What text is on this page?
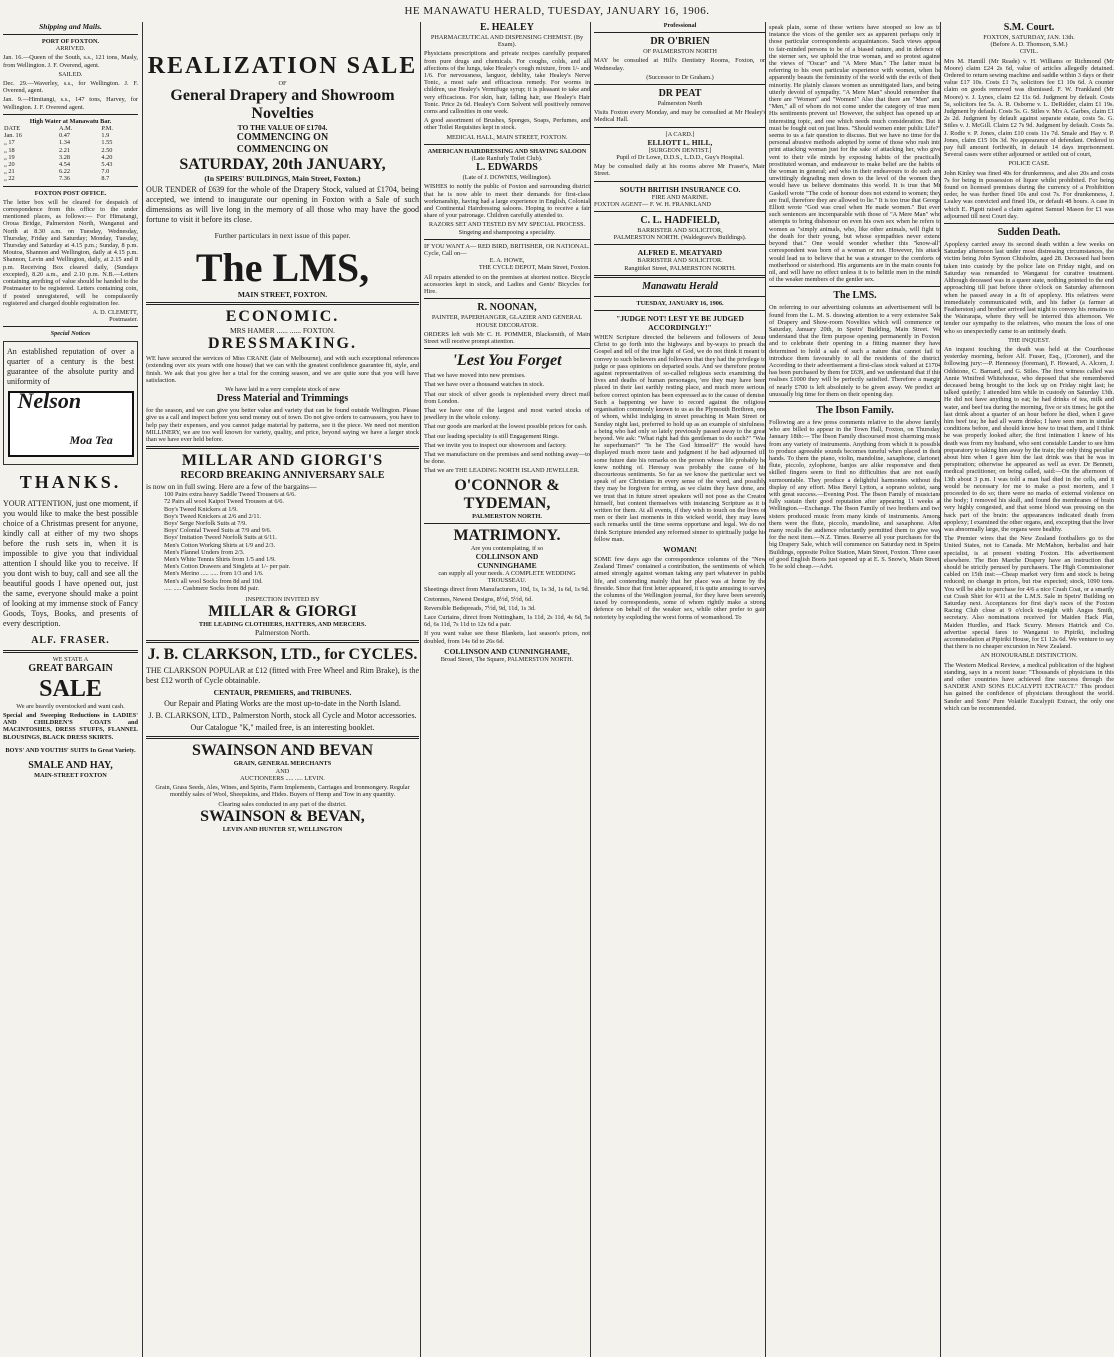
HE MANAWATU HERALD, TUESDAY, JANUARY 16, 1906.
Shipping and Mails.
PORT OF FOXTON.
ARRIVED.

Jan. 16.—Queen of the South, s.s., 121 tons, Masly, from Wellington. J. F. Overend, agent.

SAILED.

Dec. 29.—Waverley, s.s., for Wellington. J. F. Overend, agent.

Jan. 9.—Himitangi, s.s., 147 tons, Harvey, for Wellington. J. F. Overend agent.

High Water at Manawatu Bar.
DATE	A.M.	P.M.
Jan. 16	0.47	1.9
„ 17	1.34	1.55
„ 18	2.21	2.50
„ 19	3.28	4.20
„ 20	4.54	5.43
„ 21	6.22	7.0
„ 22	7.36	8.7
FOXTON POST OFFICE.

The letter box will be cleared for despatch of correspondence from this office to the under mentioned places, as follows:— For Himatangi, Oroua Bridge, Palmerston North, Wanganui and North at 8.30 a.m. on Tuesday, Wednesday, Thursday, Friday and Saturday; Monday, Tuesday, Thursday and Saturday at 4.15 p.m.; Sunday, 8 p.m. Moutoa, Shannon and Wellington, daily at 4.15 p.m. Shannon, Levin and Wellington, daily, at 2.15 and 8 p.m. Receiving Box cleared daily, (Sundays excepted), 8.20 a.m., and 2.10 p.m. N.B.—Letters containing anything of value should be handed to the Postmaster to be registered. Letters containing coin, if posted unregistered, will be compulsorily registered and charged double registration fee.

A. D. CLEMETT,
Postmaster.
Special Notices

An established reputation of over a quarter of a century is the best guarantee of the absolute purity and uniformity of

Nelson
Moa Tea
THANKS.

YOUR ATTENTION, just one moment, if you would like to make the best possible choice of a Christmas present for anyone, kindly call at either of my two shops before the rush sets in, when it is impossible to give you that individual attention I should like you to receive. If you dont wish to buy, call and see all the beautiful goods I have opened out, just the same, everyone should make a point of looking at my immense stock of Fancy Goods, Toys, Books, and presents of every description.

ALF. FRASER.
WE STATE A
GREAT BARGAIN
SALE
We are heavily overstocked and want cash.

Special and Sweeping Reductions in LADIES' AND CHILDREN'S COATS and MACINTOSHES, DRESS STUFFS, FLANNEL BLOUSINGS, BLACK DRESS SKIRTS.

BOYS' AND YOUTHS' SUITS In Great Variety.
SMALE AND HAY,
MAIN-STREET FOXTON
REALIZATION SALE
OF
General Drapery and Showroom Novelties
TO THE VALUE OF £1704.
COMMENCING ON
COMMENCING ON
SATURDAY, 20th JANUARY,
(In SPEIRS' BUILDINGS, Main Street, Foxton.)

OUR TENDER of £639 for the whole of the Drapery Stock, valued at £1704, being accepted, we intend to inaugurate our opening in Foxton with a Sale of such dimensions as will live long in the memory of all those who may have the good fortune to visit it before its close.

Further particulars in next issue of this paper.
The LMS,
MAIN STREET, FOXTON.
ECONOMIC.
MRS HAMER ...... ...... FOXTON.
DRESSMAKING.

WE have secured the services of Miss CRANE (late of Melbourne), and with such exceptional references (extending over six years with one house) that we can with the greatest confidence guarantee fit, style, and finish. We ask that you give her a trial for the coming season, and we are quite sure that you will have satisfaction.

We have laid in a very complete stock of new
Dress Material and Trimmings

for the season, and we can give you better value and variety that can be found outside Wellington. Please give us a call and inspect before you send money out of town. Do not give orders to canvassers, you have to help pay their expenses, and you cannot judge material by patterns, see it the piece. We need not mention MILLINERY, we are too well known for variety, quality, and price, beyond saying we have a larger stock than we have ever held before.

MILLAR AND GIORGI'S
RECORD BREAKING ANNIVERSARY SALE
is now on in full swing. Here are a few of the bargains—
100 Pairs extra heavy Saddle Tweed Trousers at 6/6.
72 Pairs all wool Kaipoi Tweed Trousers at 6/6.
Boy's Tweed Knickers at 1/9.
Boy's Tweed Knickers at 2/6 and 2/11.
Boys' Serge Norfolk Suits at 7/9.
Boys' Colonial Tweed Suits at 7/9 and 9/6.
Boys' Imitation Tweed Norfolk Suits at 6/11.
Men's Cotton Working Shirts at 1/9 and 2/3.
Men's Flannel Unders from 2/3.
Men's White Tennis Shirts from 1/5 and 1/9.
Men's Cotton Drawers and Singlets at 1/- per pair.
Men's Merino ..... ..... from 1/3 and 1/6.
Men's all wool Socks from 8d and 10d.
..... ..... Cashmere Socks from 8d pair.
INSPECTION INVITED BY
MILLAR & GIORGI
THE LEADING CLOTHIERS, HATTERS, AND MERCERS.
Palmerston North.
J. B. CLARKSON, LTD., for CYCLES.

THE CLARKSON POPULAR at £12 (fitted with Free Wheel and Rim Brake), is the best £12 worth of Cycle obtainable.

CENTAUR, PREMIERS, and TRIBUNES.

Our Repair and Plating Works are the most up-to-date in the North Island.

J. B. CLARKSON, LTD., Palmerston North, stock all Cycle and Motor accessories.

Our Catalogue "K," mailed free, is an interesting booklet.

SWAINSON AND BEVAN
GRAIN, GENERAL MERCHANTS
AND
AUCTIONEERS ..... ..... LEVIN.

Grain, Grass Seeds, Ales, Wines, and Spirits, Farm Implements, Carriages and Ironmongery. Regular monthly sales of Wool, Sheepskins, and Hides. Buyers of Hemp and Tow in any quantity.

Clearing sales conducted in any part of the district.
SWAINSON & BEVAN,
LEVIN AND HUNTER ST, WELLINGTON
E. HEALEY
PHARMACEUTICAL AND DISPENSING CHEMIST. (By Exam).

Physicians prescriptions and private recipes carefully prepared from pure drugs and chemicals. For coughs, colds, and all affections of the lungs, take Healey's cough mixture, from 1/- and 1/6. For nervousness, languor, debility, take Healey's Nerve Tonic, a most safe and efficacious remedy. For worms in children, use Healey's Vermifuge syrup; it is pleasant to take and very efficacious. For skin, hair, falling hair, use Healey's Hair Tonic. Price 2s 6d. Healey's Corn Solvent will positively remove corns and callosities in one week.

A good assortment of Brushes, Sponges, Soaps, Perfumes, and other Toilet Requisites kept in stock.

MEDICAL HALL, MAIN STREET, FOXTON.
AMERICAN HAIRDRESSING AND SHAVING SALOON
(Late Ranfurly Toilet Club).
L. EDWARDS
(Late of J. DOWNES, Wellington).

WISHES to notify the public of Foxton and surrounding district that he is now able to meet their demands for first-class workmanship, having had a large experience in English, Colonial and Continental Hairdressing saloons. Hoping to receive a fair share of your patronage. Children carefully attended to.

RAZORS SET AND TESTED BY MY SPECIAL PROCESS.
Singeing and shampooing a speciality.
IF YOU WANT A— RED BIRD, BRITISHER, OR NATIONAL.
Cycle, Call on—
E. A. HOWE,
THE CYCLE DEPOT, Main Street, Foxton.

All repairs attended to on the premises at shortest notice. Bicycle accessories kept in stock, and Ladies and Gents' Bicycles for Hire.

R. NOONAN,
PAINTER, PAPERHANGER, GLAZIER AND GENERAL HOUSE DECORATOR.

ORDERS left with Mr C. H. POMMER, Blacksmith, of Main Street will receive prompt attention.

'Lest You Forget

That we have moved into new premises.

That we have over a thousand watches in stock.

That our stock of silver goods is replenished every direct mail from London.

That we have one of the largest and most varied stocks of jewellery in the whole colony.

That our goods are marked at the lowest possible prices for cash.

That our leading speciality is still Engagement Rings.

That we invite you to inspect our showroom and factory.

That we manufacture on the premises and send nothing away—to be done.

That we are THE LEADING NORTH ISLAND JEWELLER.

O'CONNOR &
TYDEMAN,
PALMERSTON NORTH.
MATRIMONY.
Are you contemplating, if so
COLLINSON AND
CUNNINGHAME
can supply all your needs. A COMPLETE WEDDING TROUSSEAU.

Sheetings direct from Manufacturers, 10d, 1s, 1s 3d, 1s 6d, 1s 9d.

Cretonnes, Newest Designs, 8½d, 5½d, 6d.

Reversible Bedspreads, 7½d, 9d, 11d, 1s 3d.

Lace Curtains, direct from Nottingham, 1s 11d, 2s 11d, 4s 6d, 5s 6d, 6s 11d, 7s 11d to 12s 6d a pair.

If you want value see these Blankets, last season's prices, not doubled, from 14s 6d to 26s 6d.

COLLINSON AND CUNNINGHAME,
Broad Street, The Square, PALMERSTON NORTH.
Professional
DR O'BRIEN
OF PALMERSTON NORTH

MAY be consulted at Hill's Dentistry Rooms, Foxton, on Wednesday.

(Successor to Dr Graham.)
DR PEAT
Palmerston North

Visits Foxton every Monday, and may be consulted at Mr Healey's Medical Hall.

[A CARD.]
ELLIOTT L. HILL,
[SURGEON DENTIST.]
Pupil of Dr Lowe, D.D.S., L.D.D., Guy's Hospital.

May be consulted daily at his rooms above Mr Fraser's, Main Street.

SOUTH BRITISH INSURANCE CO.
FIRE AND MARINE.
FOXTON AGENT— F. W. H. FRANKLAND
C. L. HADFIELD,
BARRISTER AND SOLICITOR,
PALMERSTON NORTH. (Waldegrave's Buildings).
ALFRED E. MEATYARD
BARRISTER AND SOLICITOR.
Rangitikei Street, PALMERSTON NORTH.
Manawatu Herald
TUESDAY, JANUARY 16, 1906.
"JUDGE NOT! LEST YE BE JUDGED ACCORDINGLY!"

WHEN Scripture directed the believers and followers of Jesus Christ to go forth into the highways and by-ways to preach the Gospel and tell of the true light of God, we do not think it meant to convey to such believers and followers that they had the privilege to judge or pass opinions on departed souls. And we therefore protest against representatives of so-called religious sects examining the lives and deaths of human personages, 'ere they may have been placed in their last earthly resting place, and much more serious, before correct opinion has been expressed as to the cause of demise. Such a happening we have to record against the religious organisation commonly known to us as the Plymouth Brethren, one of whom, whilst indulging in street preaching in Main Street on Sunday night last, preferred to hold up as an example of sinfulness, a being who had only so lately previously passed away to the great beyond. We ask: "What right had this gentleman to do such?" "Was he superhuman?" "Is he The God himself?" He would have displayed much more taste and judgment if he had adjourned till some future date his remarks on the person whose life probably he knew nothing of. Heresay was probably the cause of his discourteous sentiments. So far as we know the particular sect we speak of are Christians in every sense of the word, and possibly they may be forgiven for erring, as we claim they have done, and we trust that in future street speakers will not pose as the Creator himself, but content themselves with instancing Scripture as it is written for them. At all events, if they wish to touch on the lives of men or their last moments in this wicked world, they may leave such remarks until the time seems opportune and legal. We do not think Scripture intended any reformed sinner to spiritually judge his fellow man.

WOMAN!

SOME few days ago the correspondence columns of the "New Zealand Times" contained a contribution, the sentiments of which, aimed strongly against woman taking any part whatever in public life, and contending mainly that her place was at home by the fireside. Since that first letter appeared, it is quite amusing to survey the columns of the Wellington journal, for they have been severely taxed by correspondents, some of whom rightly make a strong defence on behalf of the weaker sex, while other prefer to gain notoriety by exploding the worst forms of womanhood. To

speak plain, some of these writers have stooped so low as to instance the vices of the gentler sex as apparent perhaps only in those particular correspondents acquaintances. Such views appear to fair-minded persons to be of a biased nature, and in defence of the sterner sex, we uphold the true woman, and so protest against the views of "Oscar" and "A Mere Man." The latter must be referring to his own particular experience with women, when he apparently beauts the femininity of the world with the evils of their minority. He plainly classes women as unmitigated liars, and being utterly devoid of sympathy. "A Mere Man" should remember that there are "Women" and "Women!" Also that there are "Men" and "Men," all of whom do not come under the category of true men. His sentiments prevent us! However, the subject has opened up an interesting topic, and one which needs much consideration. But it must be fought out on just lines. "Should women enter public Life?" seems to us a fair question to discuss. But we have no time for the personal abusive methods adopted by some of those who rush into print attacking woman just for the sake of attacking her, who give vent to their vile minds by exposing habits of the practically prostituted woman, and endeavour to make belief are the habits of the woman in general; and who in their endeavours to do such are unwittingly degrading men down to the level of the women they would have us believe dominates this world. It is true that Mr Gaskell wrote "The code of honour does not extend to women; they are frail, therefore they are allowed to lie." It is too true that George Elliott wrote "God was cruel when He made women." But even such sentences are incomparable with those of "A Mere Man" who attempts to bring dishonour on even his own sex when he refers to women as "simply animals, who, like other animals, will fight to the death for their young, but whose sympathies never extend beyond that." One would wonder whether this "know-all" correspondent was born of a woman or not. However, his attack would lead us to believe that he was a stranger to the comforts of motherhood or sisterhood. His arguments are in the main counts for nil, and will have no effect unless it is to belittle men in the minds of the weaker members of the gentler sex.

The LMS.

On referring to our advertising columns an advertisement will be found from the L. M. S. drawing attention to a very extensive Sale of Drapery and Show-room Novelties which will commence on Saturday, January 20th, in Speirs' Building, Main Street. We understand that the firm purpose opening permanently in Foxton, and to celebrate their opening in a fitting manner they have determined to hold a sale of such a nature that cannot fail to introduce them favourably to all the residents of the district. According to their advertisement a first-class stock valued at £1704 has been purchased by them for £639, and we understand that if this realises £1000 they will be perfectly satisfied. Therefore a margin of nearly £700 is left absolutely to be given away. We predict an unusually big time for them on their opening day.

The Ibson Family.

Following are a few press comments relative to the above family, who are billed to appear in the Town Hall, Foxton, on Thursday, January 18th:— The Ibson Family discoursed most charming music from any variety of instruments. Anything from which it is possible to produce agreeable sounds becomes tuneful when placed in their hands. To them the piano, violin, mandoline, saxaphone, clarionet, flute, piccolo, zylophone, banjos are alike responsive and their skilled fingers seem to find no difficulties that are not easily surmountable. They produce a delightful harmonies without the display of any effort. Miss Beryl Lytton, a soprano soloist, sang with great success.—Evening Post. The Ibson Family of musicians fully sustain their good reputation after appearing 11 weeks at Wellington.—Exchange. The Ibson Family of two brothers and two sisters produced music from many kinds of instruments. Among them were the flute, piccolo, mandoline, and saxaphone. After many recalls the audience reluctantly permitted them to give way for the next item.—N.Z. Times. Reserve all your purchases for the big Drapery Sale, which will commence on Saturday next in Speirs' Buildings, opposite Police Station, Main Street, Foxton. Three cases of good English Boots just opened up at E. S. Snow's, Main Street. To be sold cheap.—Advt.

S.M. Court.
FOXTON, SATURDAY, JAN. 13th.
(Before A. D. Thomson, S.M.)
CIVIL.

Mrs M. Hamill (Mr Reade) v. H. Williams or Richmond (Mr Moore) claim £24 2s 6d, value of articles allegedly detained. Ordered to return sewing machine and saddle within 3 days or their value £17 10s. Costs £1 7s, solicitors fee £1 10s 6d. A counter claim on goods removed was dismissed. F. W. Frankland (Mr Moore) v. J. Lynes, claim £2 11s 6d. Judgment by default. Costs 5s, solicitors fee 5s. A. R. Osborne v. L. DeRidder, claim £1 19s. Judgment by default. Costs 5s. G. Stiles v. Mrs A. Garbes, claim £1 2s 2d. Judgment by default against separate estate, costs 5s. G. Stiles v. J. McGill. Claim £2 7s 9d. Judgment by default. Costs 5s. J. Rodie v. P. Jones, claim £10 costs 11s 7d. Smale and Hay v. P. Jones, claim £15 10s 3d. No appearance of defendant. Ordered to pay full amount forthwith, in default 14 days imprisonment. Several cases were either adjourned or settled out of court,

POLICE CASE.

John Kinley was fined 40s for drunkenness, and also 20s and costs 7s for being in possession of liquor whilst prohibited. For being found on licensed premises during the currency of a Prohibition order, he was further fined 10s and cost 7s. For drunkenness, J. Lealey was convicted and fined 10s, or default 48 hours. A case in which E. Pigott raised a claim against Samuel Mason for £1 was adjourned till next Court day.

Sudden Death.

Apoplexy carried away its second death within a few weeks on Saturday afternoon last under most distressing circumstances, the victim being John Symon Chisholm, aged 28. Deceased had been taken into custody by the police late on Friday night, and on Saturday was remanded to Wanganui for curative treatment. Although deceased was in a queer state, nothing pointed to the end approaching till just before three o'clock on Saturday afternoon when he passed away in a fit of apoplexy. His relatives were immediately communicated with, and his father (a farmer at Featherston) and brother arrived last night to convey his remains to the Wairarapa, where they will be interred this afternoon. We tender our sympathy to the relatives, who mourn the loss of one who so unexpectedly came to an untimely death.

THE INQUEST.

An inquest touching the death was held at the Courthouse yesterday morning, before Alf. Fraser, Esq., (Coroner), and the following jury:—P. Hennessy (foreman), F. Howard, A. Alcorn, J. Oddstone, C. Barnard, and G. Stiles. The first witness called was Annie Winifred Whitehouse, who deposed that she remembered deceased being brought to the lock up on Friday night last; he talked quietly; I attended him while in custody on Saturday 13th. He did not have anything to eat; he had drinks of tea, milk and water, and beef tea during the morning, five or six times; he got the last drink about a quarter of an hour before he died, when I gave him beef tea; he had all warm drinks; I have seen men in similar conditions before, and should know how to treat them, and I think he was properly looked after; the first intimation I knew of his death was from my husband, who sent constable Lander to see him preparatory to taking him away by the train; the only thing peculiar about him when I gave him the last drink was that he was in perspiration; otherwise he appeared as well as ever. Dr Bennett, medical practitioner, on being called, said:—On the afternoon of 13th about 3 p.m. I was told a man had died in the cells, and it would be necessary for me to make a post mortem, and I proceeded to do so; there were no marks of external violence on the body; I removed his skull, and found the membranes of brain very highly congested, and that some blood was pressing on the back part of the brain: the appearances indicated death from apoplexy; I examined the other organs, and, excepting that the liver was abnormally large, the organs were healthy.

The Premier wires that the New Zealand footballers go to the United States, not to Canada. Mr McMahon, herbalist and hair specialist, is at present visiting Foxton. His advertisement elsewhere. The Bon Marche Drapery have an instruction that should be strictly perused by purchasers. The High Commissioner cabled on 15th inst:—Cheap market very firm and stock is being reduced; no change in prices, but rise expected; stock, 1090 tons. You will be able to purchase for 4/6 a nice Crash Coat, or a smartly cut Crash Shirt for 4/11 at the L.M.S. Sale in Speirs' Building on Saturday next. Acceptances for first day's races of the Foxton Racing Club close at 9 o'clock to-night with Angus Smith, secretary. Also nominations received for Maiden Hack Plat, Maiden Hurdles, and Hack Scurry. Messrs Hatrick and Co. advertise special fares to Wanganui to Pipiriki, including accommodation at Pipiriki House, for £1 12s 6d. We venture to say that there is no cheaper excursion in New Zealand.

AN HONOURABLE DISTINCTION.

The Western Medical Review, a medical publication of the highest standing, says in a recent issue: "Thousands of physicians in this and other countries have achieved fine success through the SANDER AND SONS EUCALYPTI EXTRACT." This product has gained the confidence of physicians throughout the world. Sander and Sons' Pure Volatile Eucalypti Extract, the only one which can be recommended.
